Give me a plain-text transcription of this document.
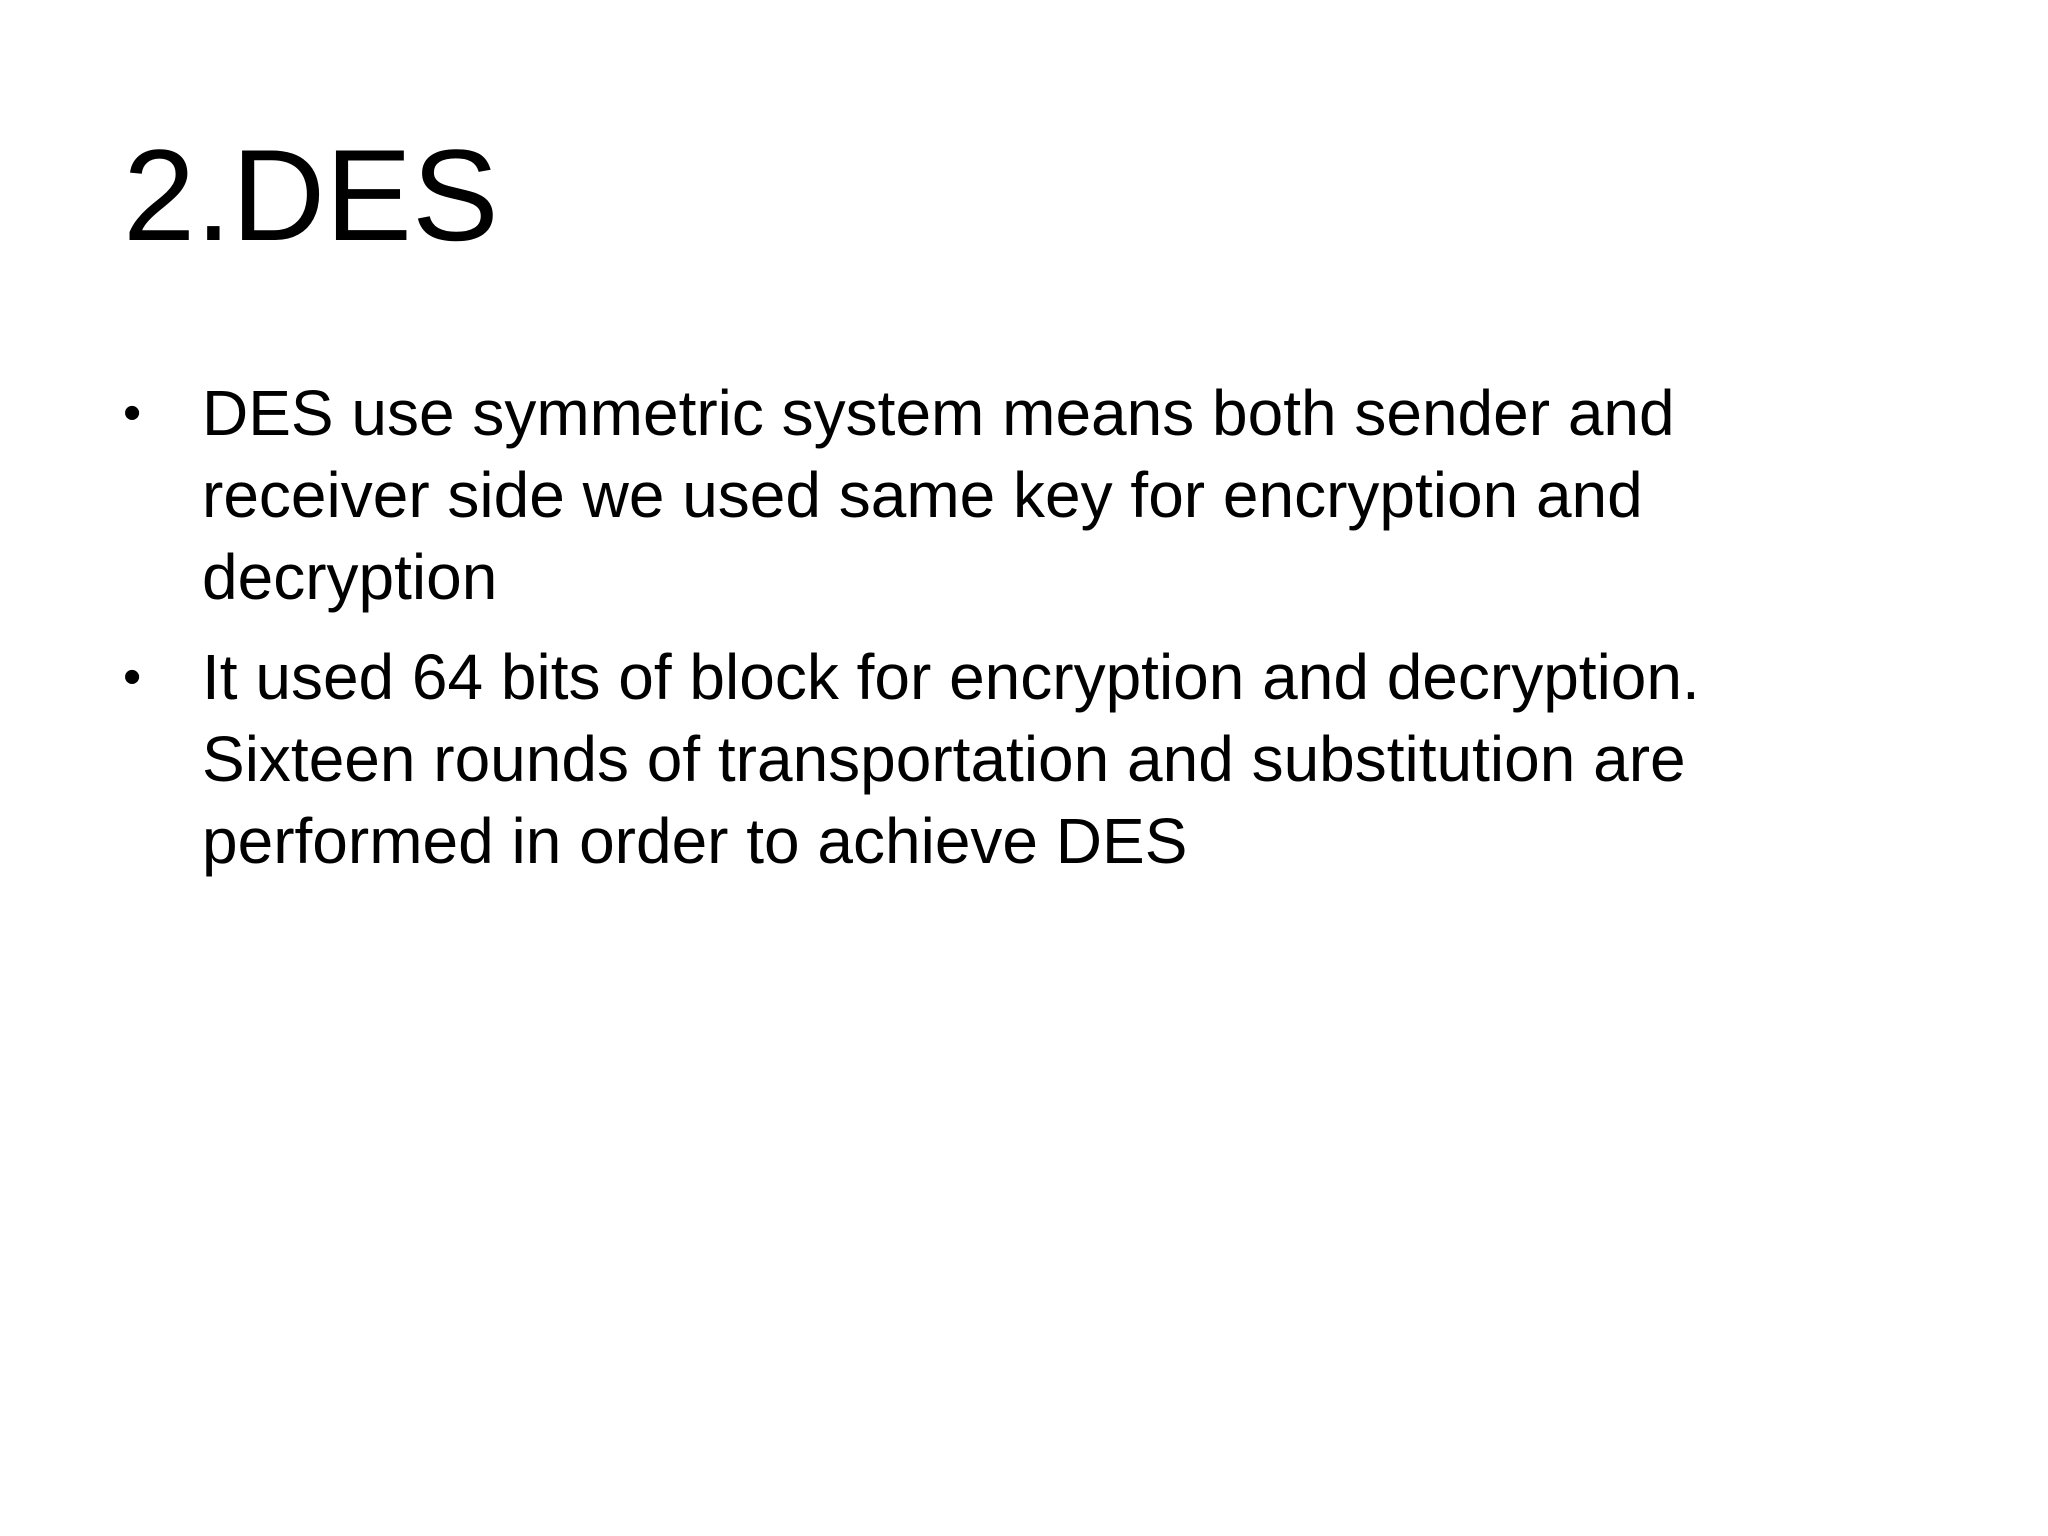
2.DES
• DES use symmetric system means both sender and
receiver side we used same key for encryption and
decryption
• It used 64 bits of block for encryption and decryption.
Sixteen rounds of transportation and substitution are
performed in order to achieve DES
